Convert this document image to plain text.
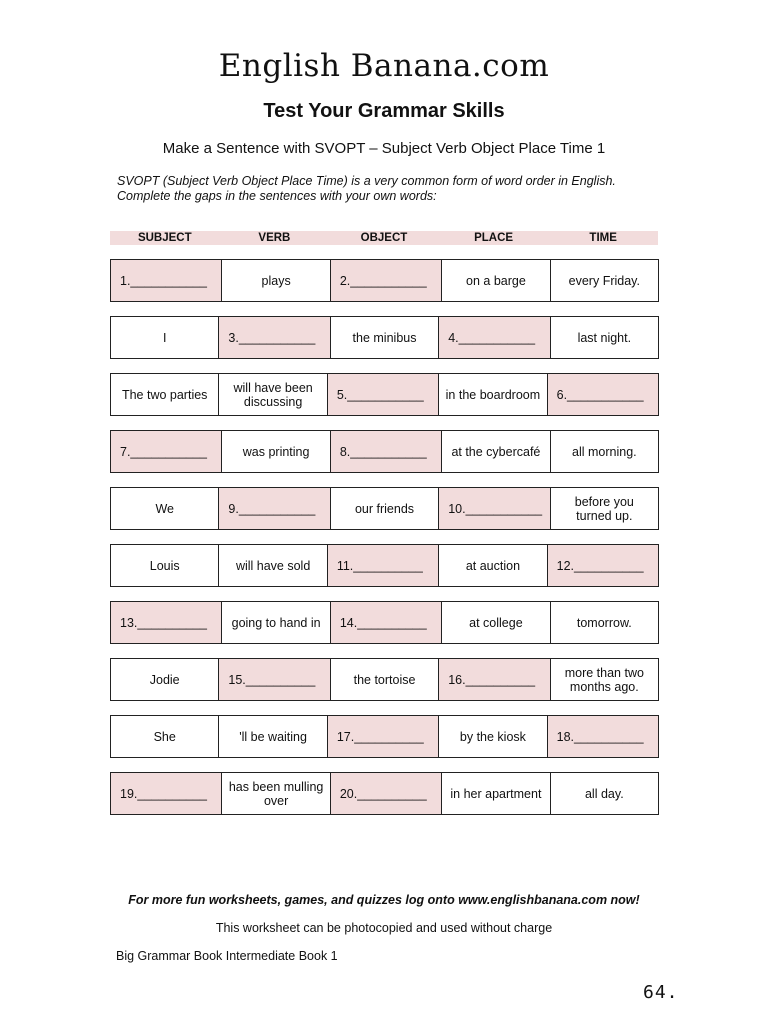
English Banana.com
Test Your Grammar Skills
Make a Sentence with SVOPT – Subject Verb Object Place Time 1
SVOPT (Subject Verb Object Place Time) is a very common form of word order in English.
Complete the gaps in the sentences with your own words:
SUBJECT	VERB	OBJECT	PLACE	TIME
1.___________	plays	2.___________	on a barge	every Friday.
I	3.___________	the minibus	4.___________	last night.
The two parties	will have been discussing	5.___________	in the boardroom	6.___________
7.___________	was printing	8.___________	at the cybercafé	all morning.
We	9.___________	our friends	10.___________	before you turned up.
Louis	will have sold	11.__________	at auction	12.__________
13.__________	going to hand in	14.__________	at college	tomorrow.
Jodie	15.__________	the tortoise	16.__________	more than two months ago.
She	'll be waiting	17.__________	by the kiosk	18.__________
19.__________	has been mulling over	20.__________	in her apartment	all day.
For more fun worksheets, games, and quizzes log onto www.englishbanana.com now!
This worksheet can be photocopied and used without charge
Big Grammar Book Intermediate Book 1
64.
